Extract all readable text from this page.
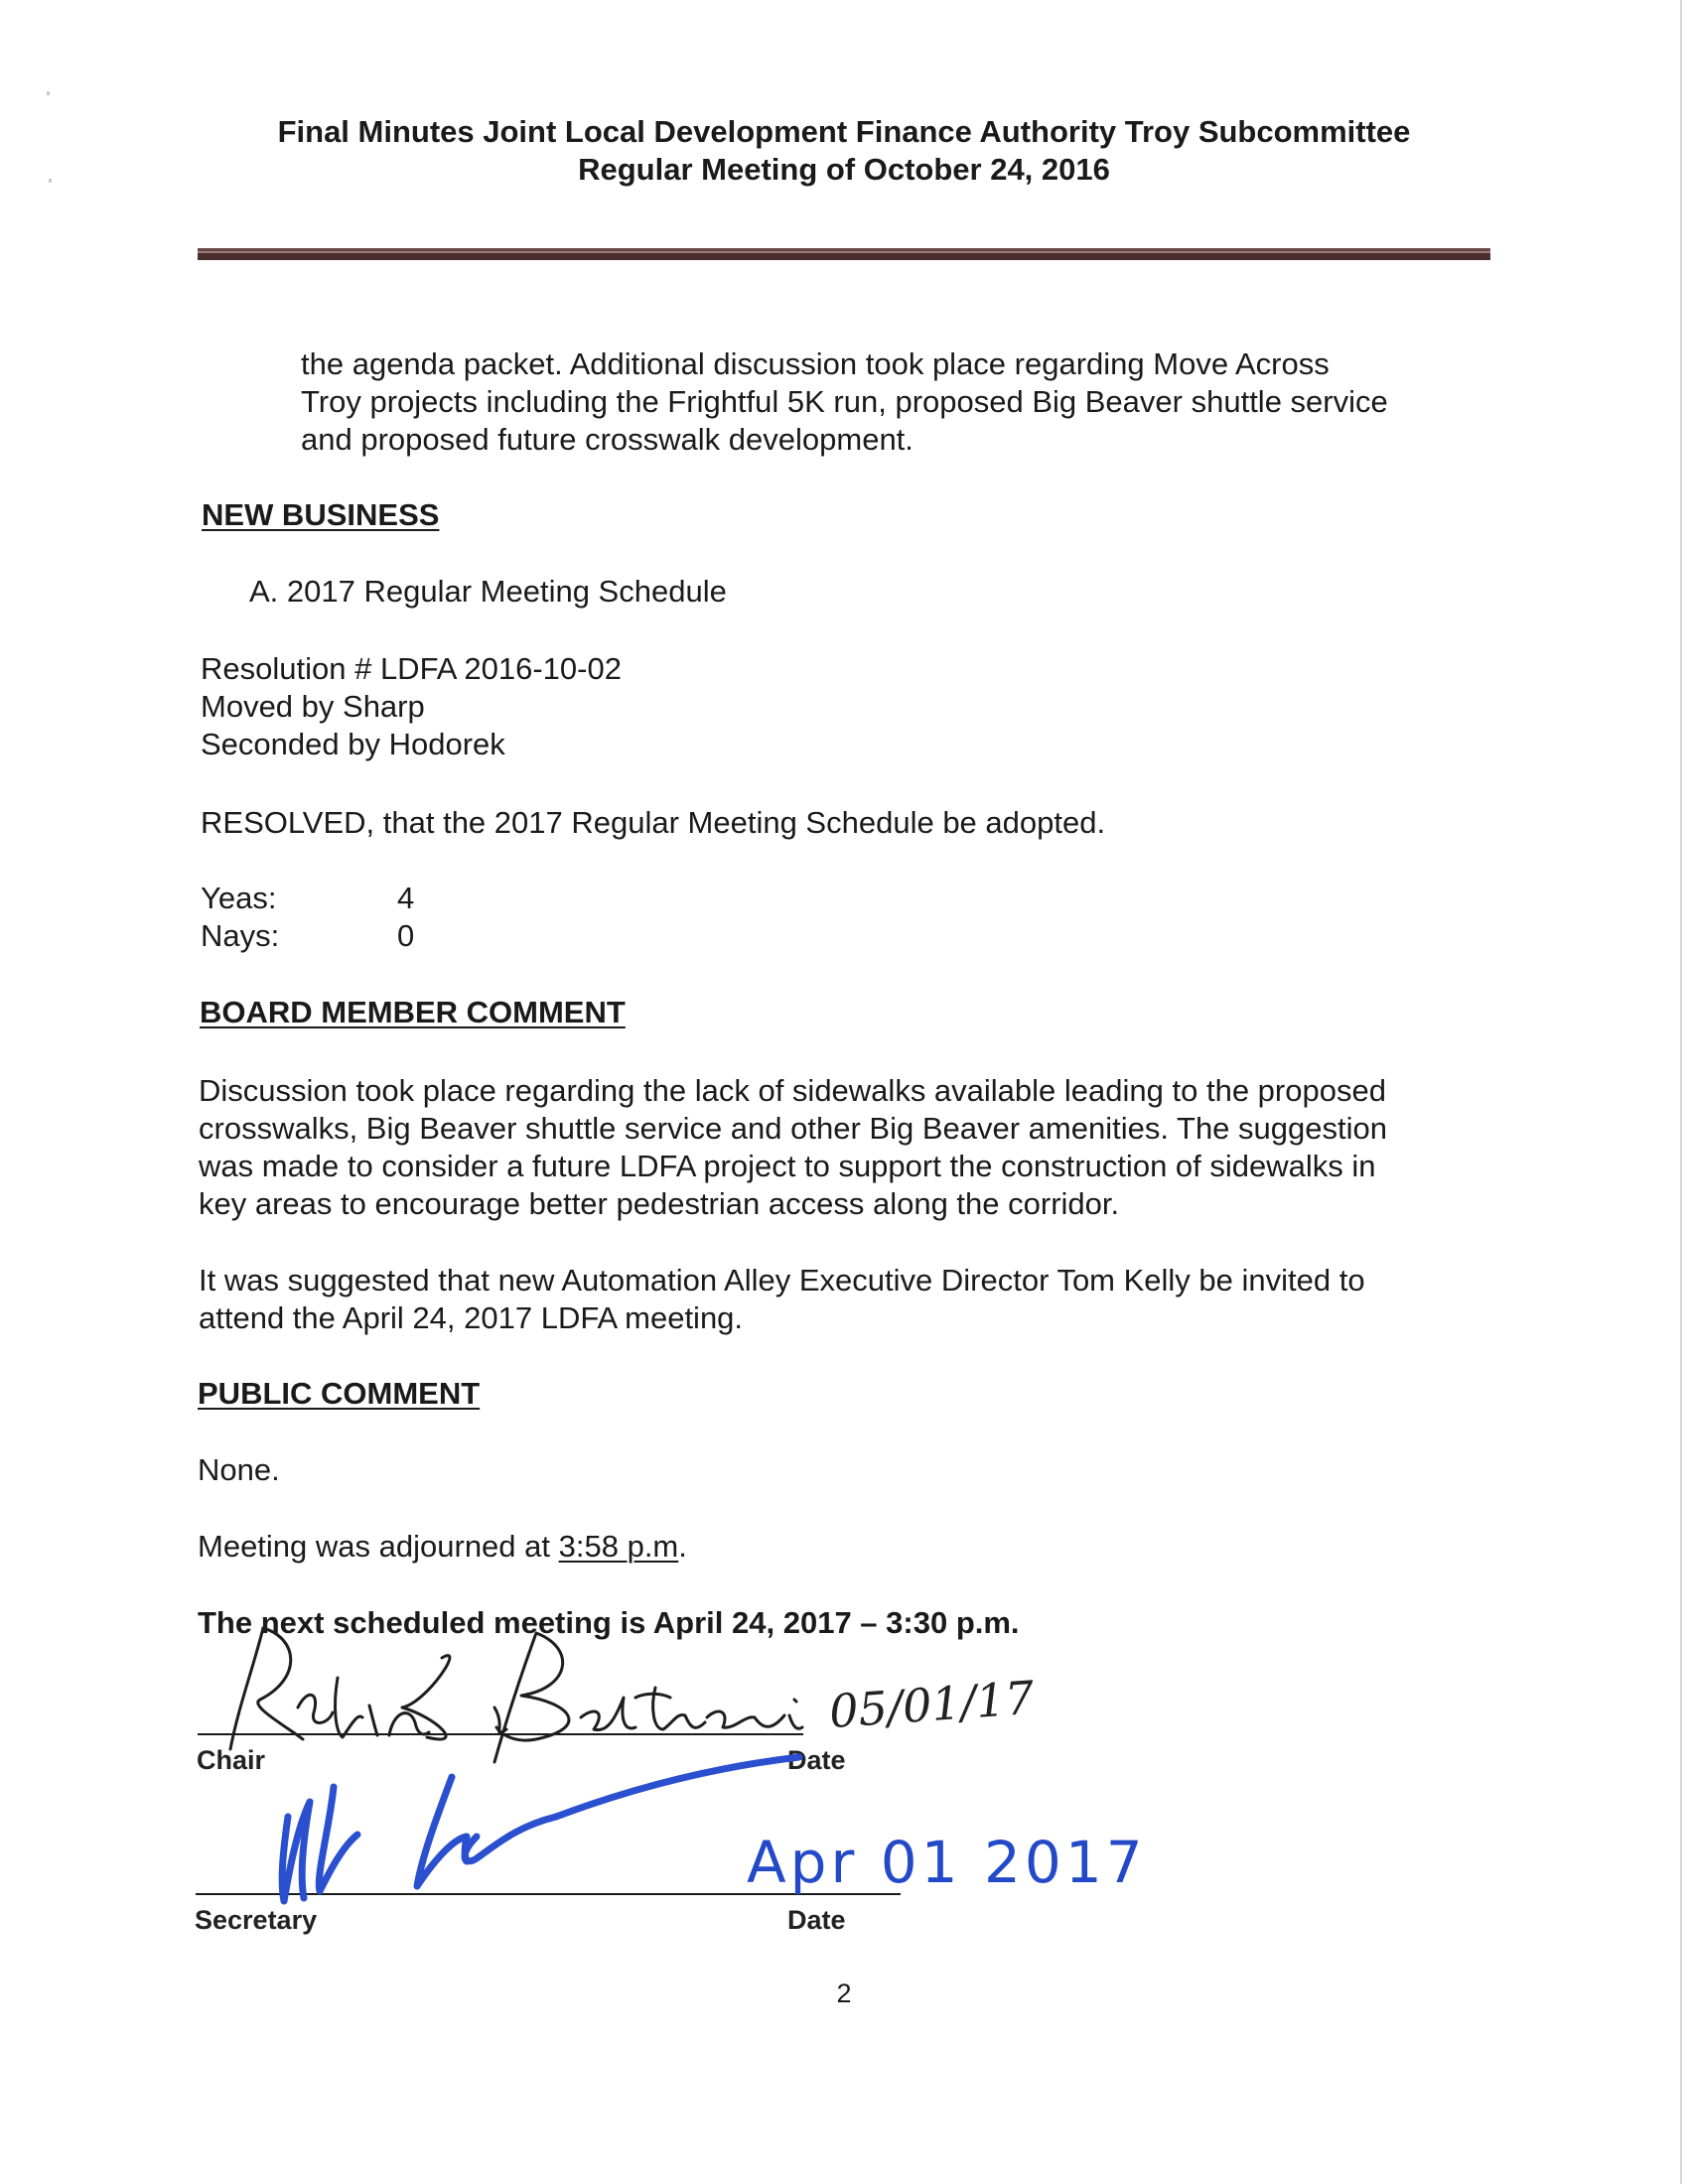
Final Minutes Joint Local Development Finance Authority Troy Subcommittee
Regular Meeting of October 24, 2016
the agenda packet. Additional discussion took place regarding Move Across
Troy projects including the Frightful 5K run, proposed Big Beaver shuttle service
and proposed future crosswalk development.
NEW BUSINESS
A. 2017 Regular Meeting Schedule
Resolution # LDFA 2016-10-02
Moved by Sharp
Seconded by Hodorek
RESOLVED, that the 2017 Regular Meeting Schedule be adopted.
Yeas:	4
Nays:	0
BOARD MEMBER COMMENT
Discussion took place regarding the lack of sidewalks available leading to the proposed
crosswalks, Big Beaver shuttle service and other Big Beaver amenities. The suggestion
was made to consider a future LDFA project to support the construction of sidewalks in
key areas to encourage better pedestrian access along the corridor.
It was suggested that new Automation Alley Executive Director Tom Kelly be invited to
attend the April 24, 2017 LDFA meeting.
PUBLIC COMMENT
None.
Meeting was adjourned at 3:58 p.m.
The next scheduled meeting is April 24, 2017 – 3:30 p.m.
Chair	Date
Secretary	Date
05/01/17
Apr 01 2017
2
